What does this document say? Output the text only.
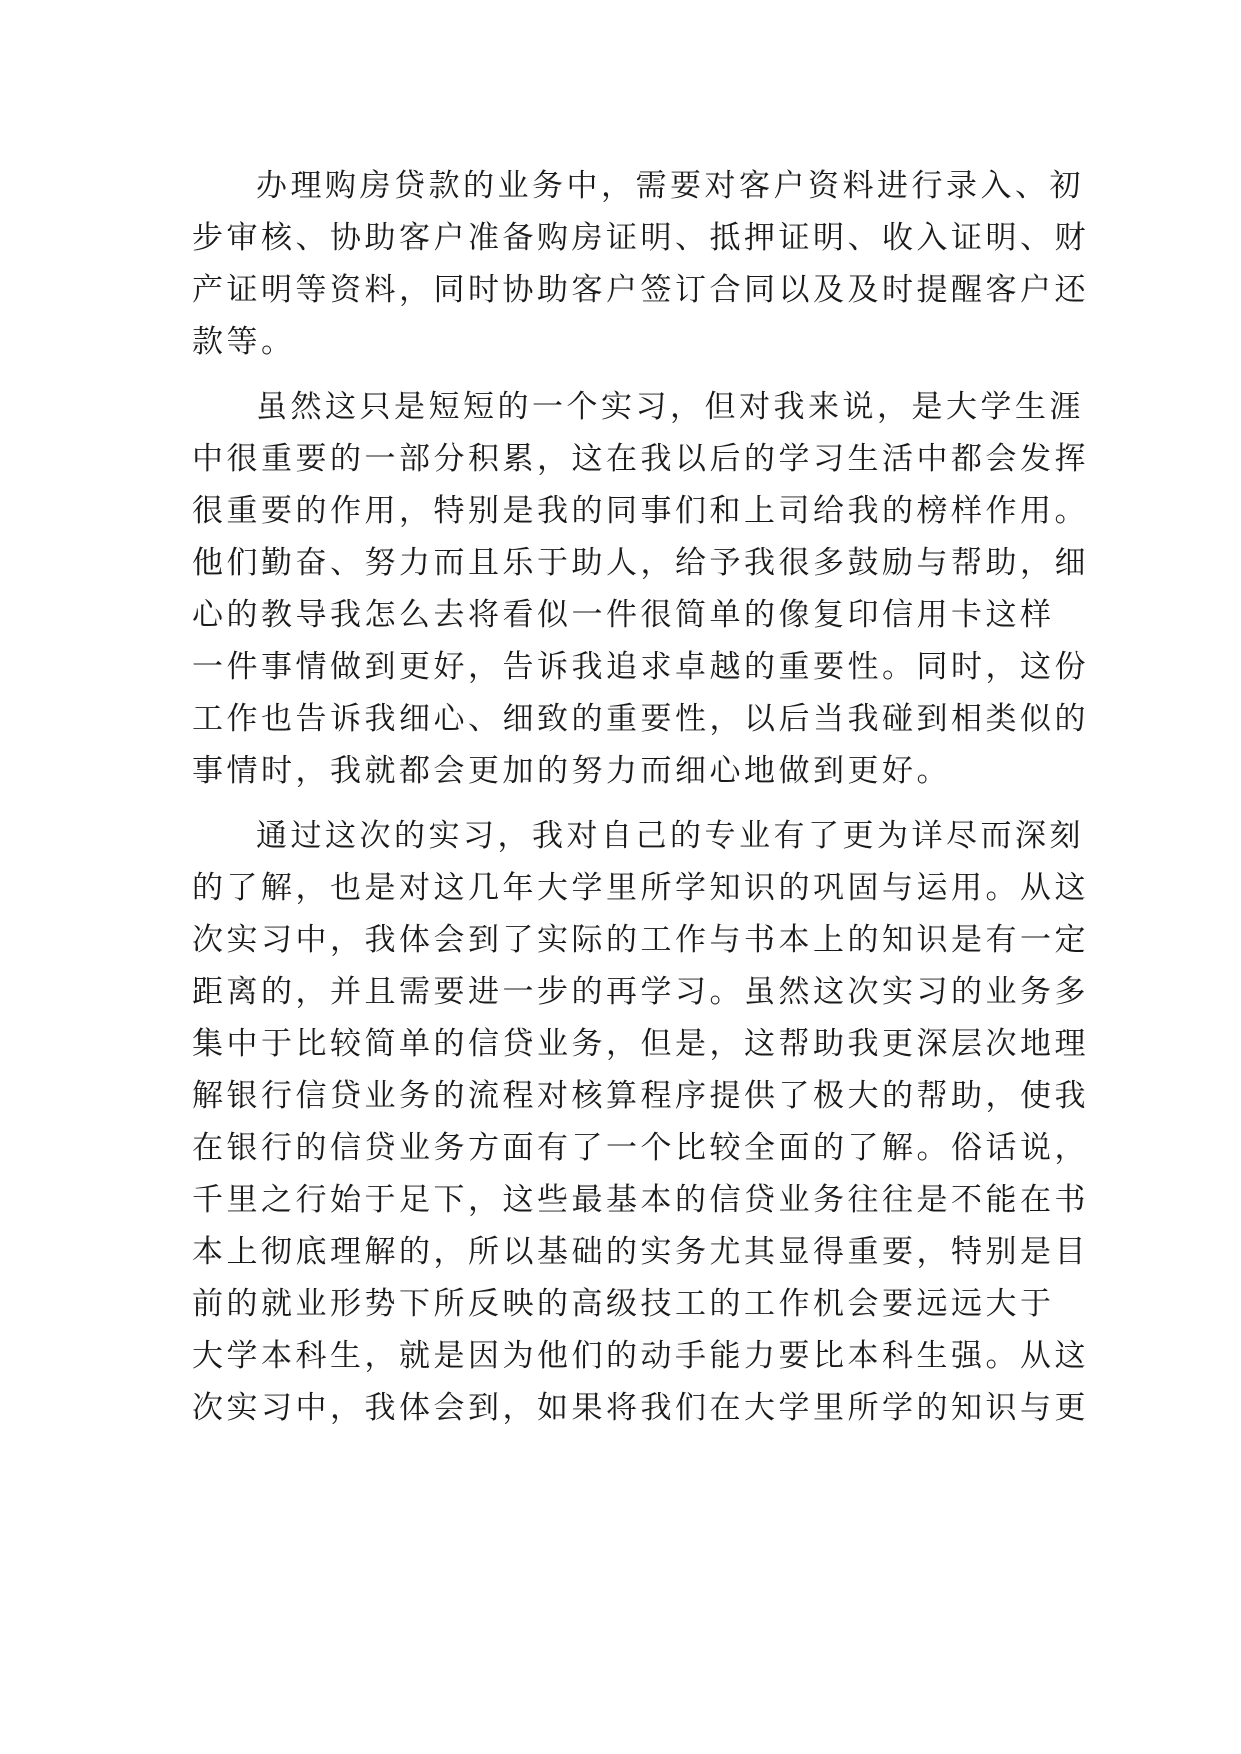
办理购房贷款的业务中，需要对客户资料进行录入、初
步审核、协助客户准备购房证明、抵押证明、收入证明、财
产证明等资料，同时协助客户签订合同以及及时提醒客户还
款等。
虽然这只是短短的一个实习，但对我来说，是大学生涯
中很重要的一部分积累，这在我以后的学习生活中都会发挥
很重要的作用，特别是我的同事们和上司给我的榜样作用。
他们勤奋、努力而且乐于助人，给予我很多鼓励与帮助，细
心的教导我怎么去将看似一件很简单的像复印信用卡这样
一件事情做到更好，告诉我追求卓越的重要性。同时，这份
工作也告诉我细心、细致的重要性，以后当我碰到相类似的
事情时，我就都会更加的努力而细心地做到更好。
通过这次的实习，我对自己的专业有了更为详尽而深刻
的了解，也是对这几年大学里所学知识的巩固与运用。从这
次实习中，我体会到了实际的工作与书本上的知识是有一定
距离的，并且需要进一步的再学习。虽然这次实习的业务多
集中于比较简单的信贷业务，但是，这帮助我更深层次地理
解银行信贷业务的流程对核算程序提供了极大的帮助，使我
在银行的信贷业务方面有了一个比较全面的了解。俗话说，
千里之行始于足下，这些最基本的信贷业务往往是不能在书
本上彻底理解的，所以基础的实务尤其显得重要，特别是目
前的就业形势下所反映的高级技工的工作机会要远远大于
大学本科生，就是因为他们的动手能力要比本科生强。从这
次实习中，我体会到，如果将我们在大学里所学的知识与更
